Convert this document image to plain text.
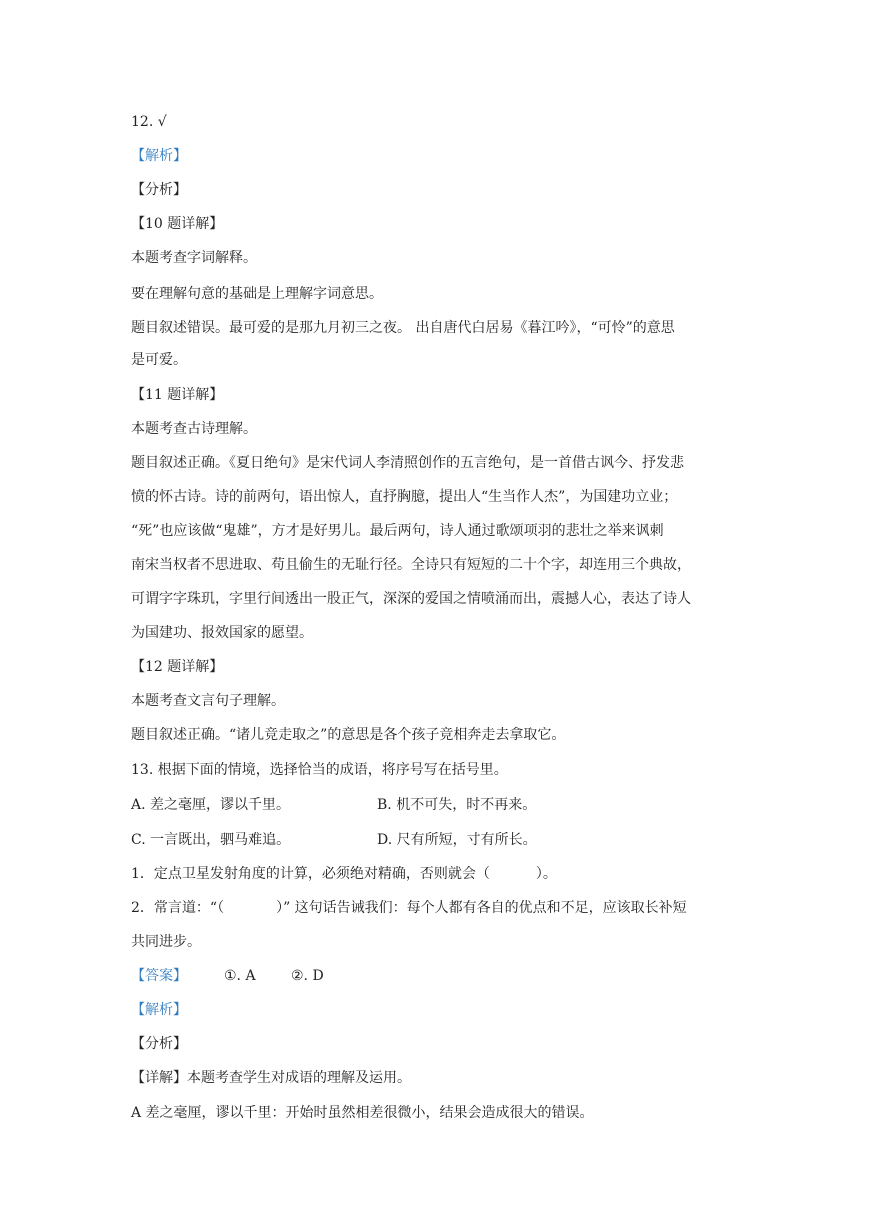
12. √
【解析】
【分析】
【10 题详解】
本题考查字词解释。
要在理解句意的基础是上理解字词意思。
题目叙述错误。最可爱的是那九月初三之夜。 出自唐代白居易《暮江吟》，“可怜”的意思
是可爱。
【11 题详解】
本题考查古诗理解。
题目叙述正确。《夏日绝句》是宋代词人李清照创作的五言绝句，是一首借古讽今、抒发悲
愤的怀古诗。诗的前两句，语出惊人，直抒胸臆，提出人“生当作人杰”，为国建功立业；
“死”也应该做“鬼雄”，方才是好男儿。最后两句，诗人通过歌颂项羽的悲壮之举来讽刺
南宋当权者不思进取、苟且偷生的无耻行径。全诗只有短短的二十个字，却连用三个典故，
可谓字字珠玑，字里行间透出一股正气，深深的爱国之情喷涌而出，震撼人心，表达了诗人
为国建功、报效国家的愿望。
【12 题详解】
本题考查文言句子理解。
题目叙述正确。“诸儿竞走取之”的意思是各个孩子竞相奔走去拿取它。
13. 根据下面的情境，选择恰当的成语，将序号写在括号里。
A. 差之毫厘，谬以千里。	B. 机不可失，时不再来。
C. 一言既出，驷马难追。	D. 尺有所短，寸有所长。
1．定点卫星发射角度的计算，必须绝对精确，否则就会（	）。
2．常言道：“（	）” 这句话告诫我们：每个人都有各自的优点和不足，应该取长补短
共同进步。
【答案】	①. A	②. D
【解析】
【分析】
【详解】本题考查学生对成语的理解及运用。
A 差之毫厘，谬以千里：开始时虽然相差很微小，结果会造成很大的错误。
